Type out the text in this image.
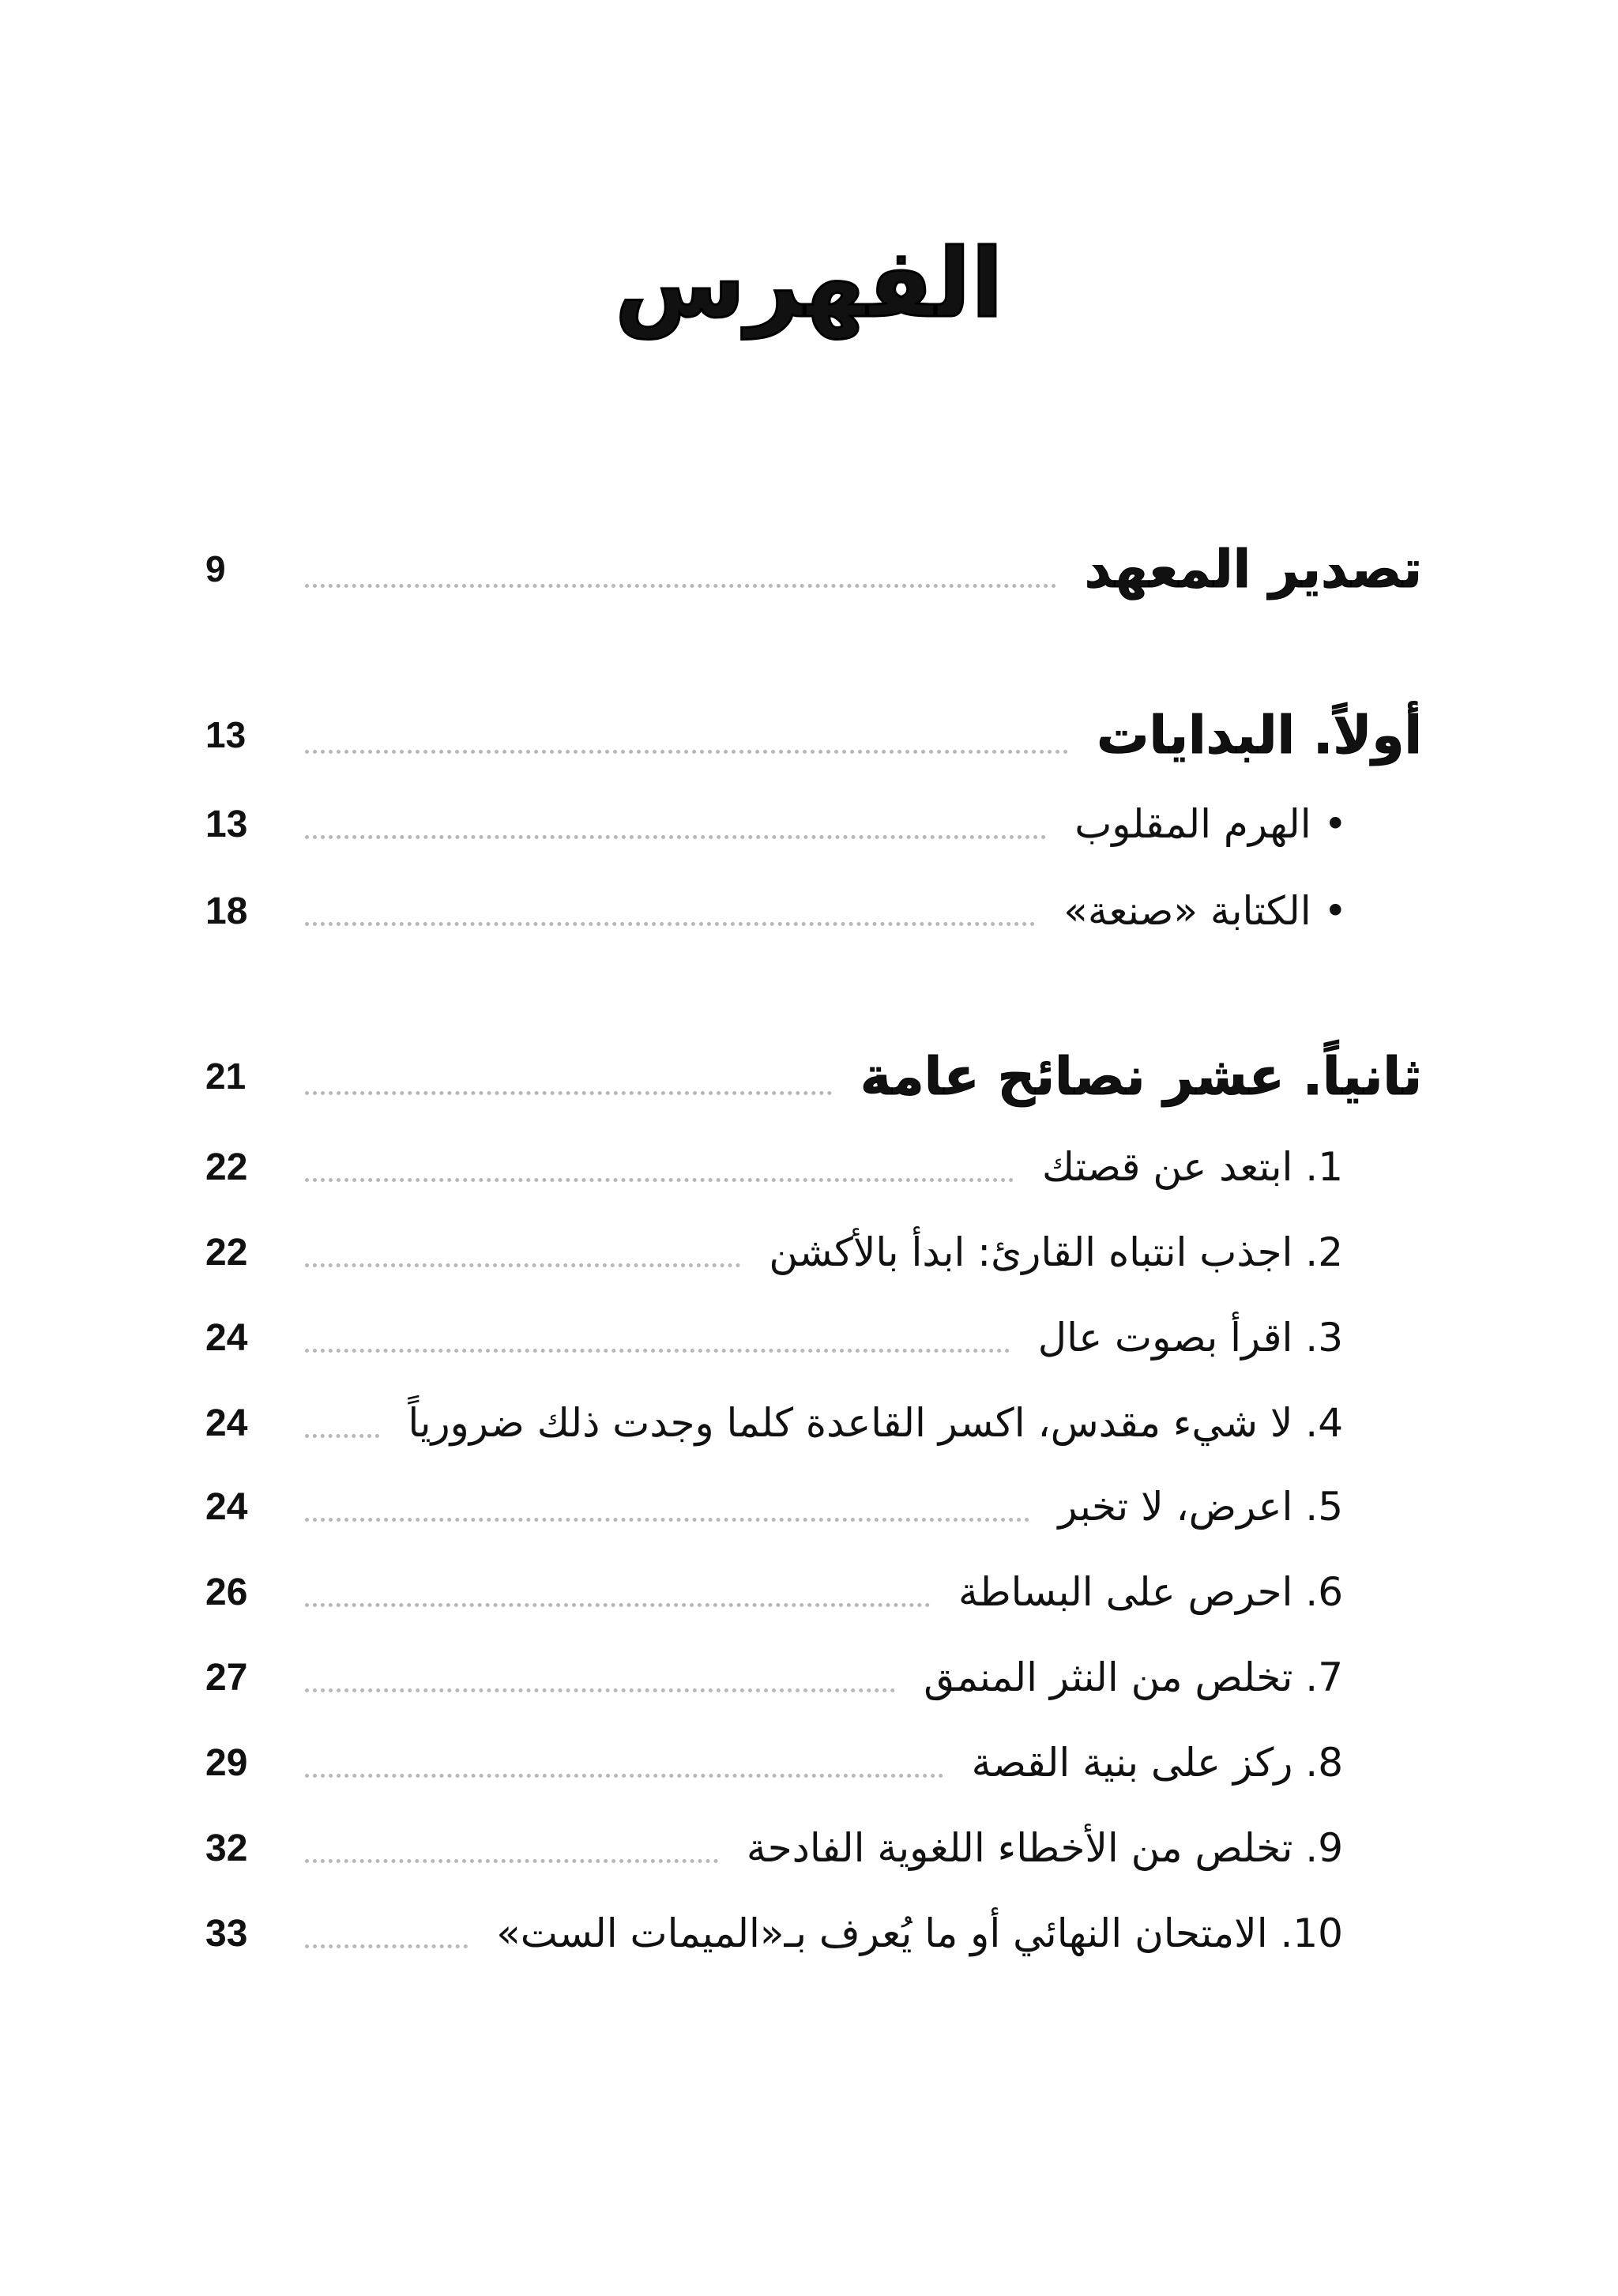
الفهرس
تصدير المعهد
9
أولاً. البدايات
13
• الهرم المقلوب
13
• الكتابة «صنعة»
18
ثانياً. عشر نصائح عامة
21
1. ابتعد عن قصتك
22
2. اجذب انتباه القارئ: ابدأ بالأكشن
22
3. اقرأ بصوت عال
24
4. لا شيء مقدس، اكسر القاعدة كلما وجدت ذلك ضرورياً
24
5. اعرض، لا تخبر
24
6. احرص على البساطة
26
7. تخلص من النثر المنمق
27
8. ركز على بنية القصة
29
9. تخلص من الأخطاء اللغوية الفادحة
32
10. الامتحان النهائي أو ما يُعرف بـ«الميمات الست»
33
